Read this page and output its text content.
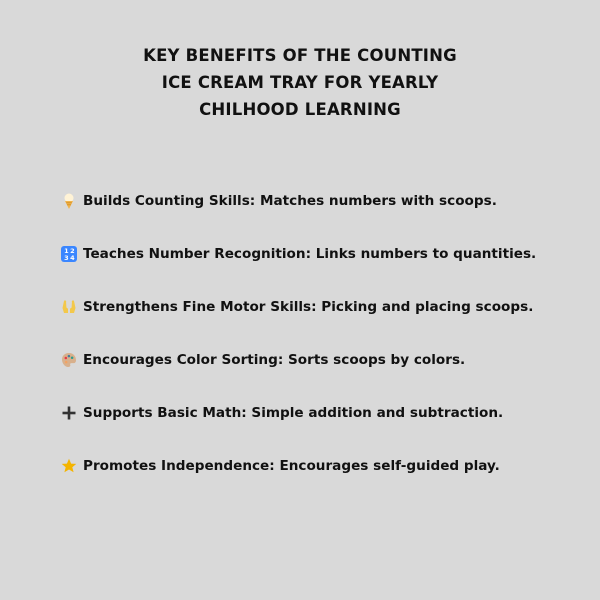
KEY BENEFITS OF THE COUNTING
ICE CREAM TRAY FOR YEARLY
CHILHOOD LEARNING
Builds Counting Skills: Matches numbers with scoops.
1 2
3 4 Teaches Number Recognition: Links numbers to quantities.
Strengthens Fine Motor Skills: Picking and placing scoops.
Encourages Color Sorting: Sorts scoops by colors.
Supports Basic Math: Simple addition and subtraction.
Promotes Independence: Encourages self-guided play.
